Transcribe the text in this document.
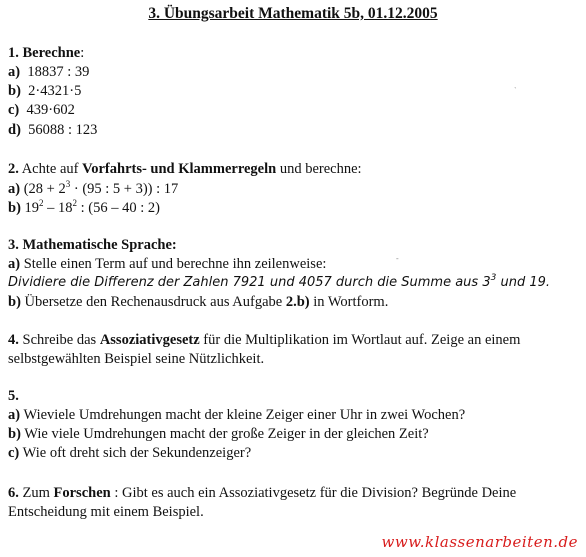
3. Übungsarbeit Mathematik 5b, 01.12.2005
1. Berechne:
a) 18837 : 39
b) 2·4321·5
c) 439·602
d) 56088 : 123
`
2. Achte auf Vorfahrts- und Klammerregeln und berechne:
a) ($28 + 2^3 \cdot (95$ : 5 + 3)) : 17
b) $19^2 - 18^2$ : (56 – 40 : 2)
3. Mathematische Sprache:
a) Stelle einen Term auf und berechne ihn zeilenweise:
Dividiere die Differenz der Zahlen 7921 und 4057 durch die Summe aus $3^3$ und 19.
b) Übersetze den Rechenausdruck aus Aufgabe 2.b) in Wortform.
-
4. Schreibe das Assoziativgesetz für die Multiplikation im Wortlaut auf. Zeige an einem
selbstgewählten Beispiel seine Nützlichkeit.
5.
a) Wieviele Umdrehungen macht der kleine Zeiger einer Uhr in zwei Wochen?
b) Wie viele Umdrehungen macht der große Zeiger in der gleichen Zeit?
c) Wie oft dreht sich der Sekundenzeiger?
6. Zum Forschen : Gibt es auch ein Assoziativgesetz für die Division? Begründe Deine
Entscheidung mit einem Beispiel.
www.klassenarbeiten.de
